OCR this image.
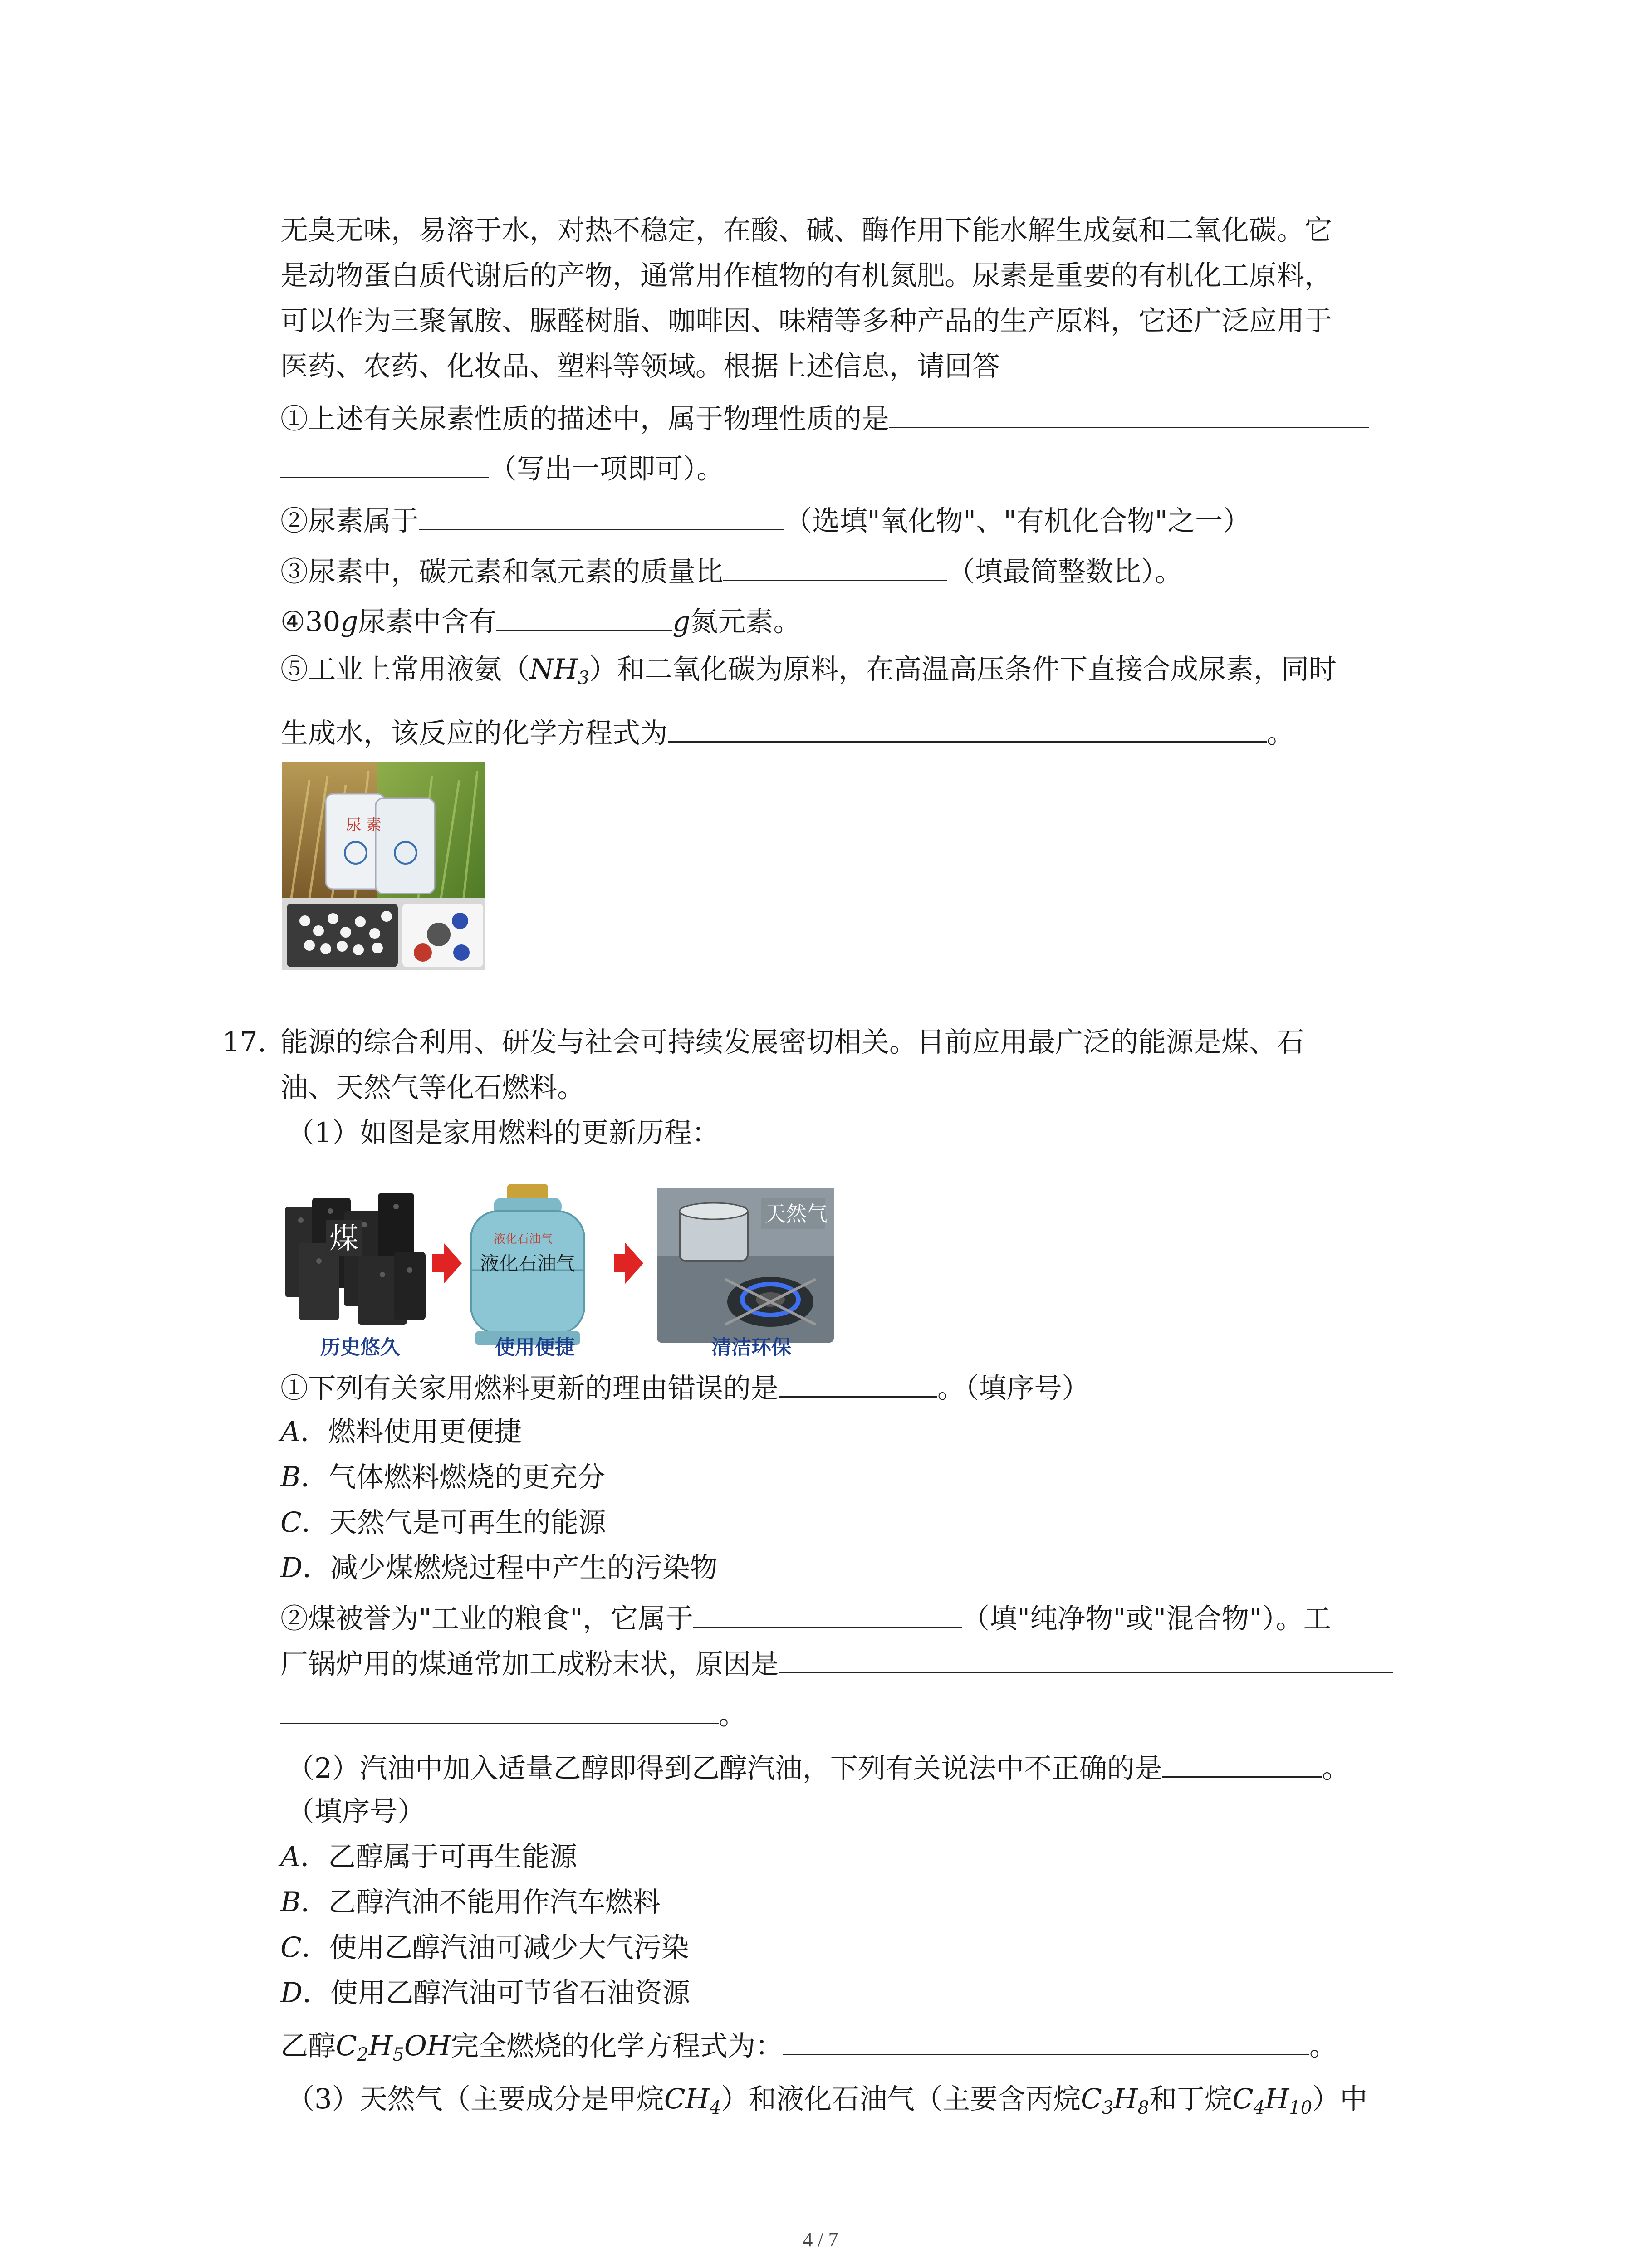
无臭无味，易溶于水，对热不稳定，在酸、碱、酶作用下能水解生成氨和二氧化碳。它
是动物蛋白质代谢后的产物，通常用作植物的有机氮肥。尿素是重要的有机化工原料，
可以作为三聚氰胺、脲醛树脂、咖啡因、味精等多种产品的生产原料，它还广泛应用于
医药、农药、化妆品、塑料等领域。根据上述信息，请回答
①上述有关尿素性质的描述中，属于物理性质的是
（写出一项即可）。
②尿素属于	（选填"氧化物"、"有机化合物"之一）
③尿素中，碳元素和氢元素的质量比	（填最简整数比）。
④30g尿素中含有	g氮元素。
⑤工业上常用液氨$(NH_3)$和二氧化碳为原料，在高温高压条件下直接合成尿素，同时
生成水，该反应的化学方程式为	。
尿 素
17. 能源的综合利用、研发与社会可持续发展密切相关。目前应用最广泛的能源是煤、石
油、天然气等化石燃料。
（1）如图是家用燃料的更新历程：
煤
历史悠久
液化石油气
液化石油气
使用便捷
天然气
清洁环保
①下列有关家用燃料更新的理由错误的是	。（填序号）
A．燃料使用更便捷
B．气体燃料燃烧的更充分
C．天然气是可再生的能源
D．减少煤燃烧过程中产生的污染物
②煤被誉为"工业的粮食"，它属于	（填"纯净物"或"混合物"）。工
厂锅炉用的煤通常加工成粉末状，原因是
。
（2）汽油中加入适量乙醇即得到乙醇汽油，下列有关说法中不正确的是	。
（填序号）
A．乙醇属于可再生能源
B．乙醇汽油不能用作汽车燃料
C．使用乙醇汽油可减少大气污染
D．使用乙醇汽油可节省石油资源
乙醇$C_2H_5OH$完全燃烧的化学方程式为：	。
（3）天然气（主要成分是甲烷$CH_4$）和液化石油气（主要含丙烷$C_3H_8$和丁烷$C_4H_{10}$）中
4 / 7
